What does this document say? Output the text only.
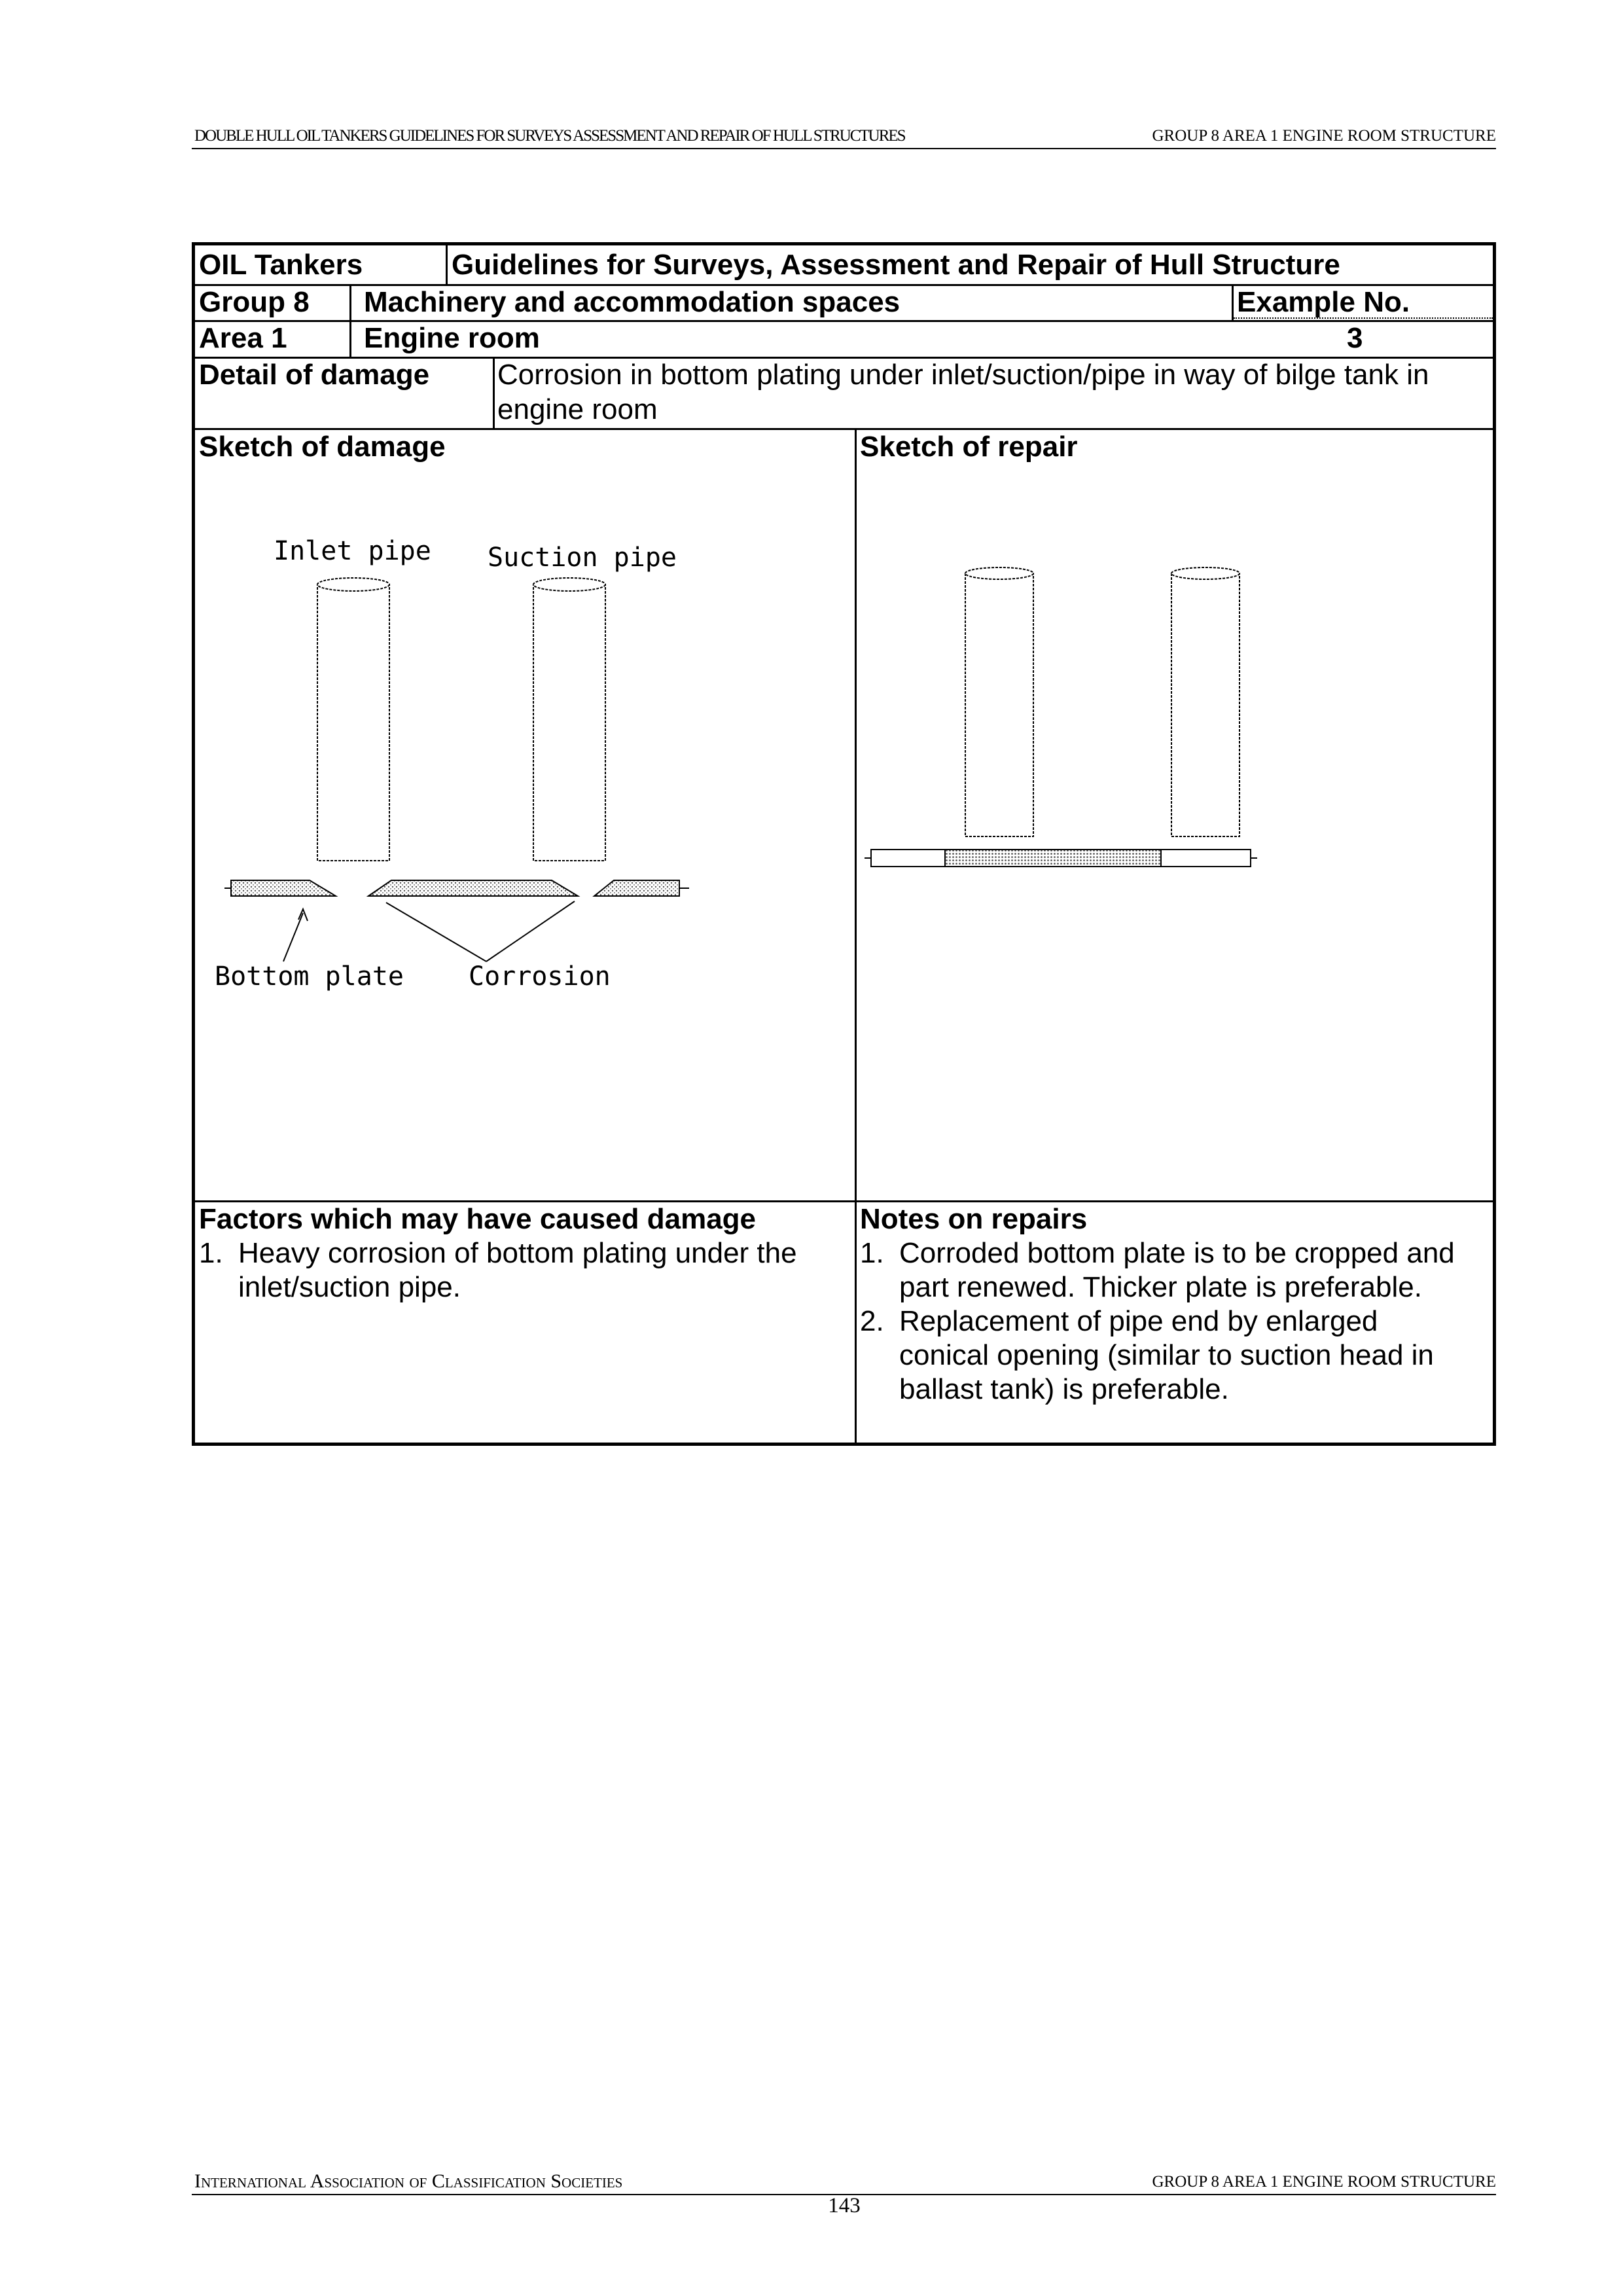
DOUBLE HULL OIL TANKERS GUIDELINES FOR SURVEYS ASSESSMENT AND REPAIR OF HULL STRUCTURES	GROUP 8 AREA 1 ENGINE ROOM STRUCTURE
OIL Tankers	Guidelines for Surveys, Assessment and Repair of Hull Structure
Group 8 Machinery and accommodation spaces	Example No.
Area 1	Engine room	3
Detail of damage Corrosion in bottom plating under inlet/suction/pipe in way of bilge tank in
engine room
Sketch of damage	Sketch of repair
Inlet pipe Suction pipe
Bottom plate Corrosion
Factors which may have caused damage
1. Heavy corrosion of bottom plating under the
inlet/suction pipe.
Notes on repairs
1. Corroded bottom plate is to be cropped and
part renewed. Thicker plate is preferable.
2. Replacement of pipe end by enlarged
conical opening (similar to suction head in
ballast tank) is preferable.
International Association of Classification Societies	GROUP 8 AREA 1 ENGINE ROOM STRUCTURE
143
